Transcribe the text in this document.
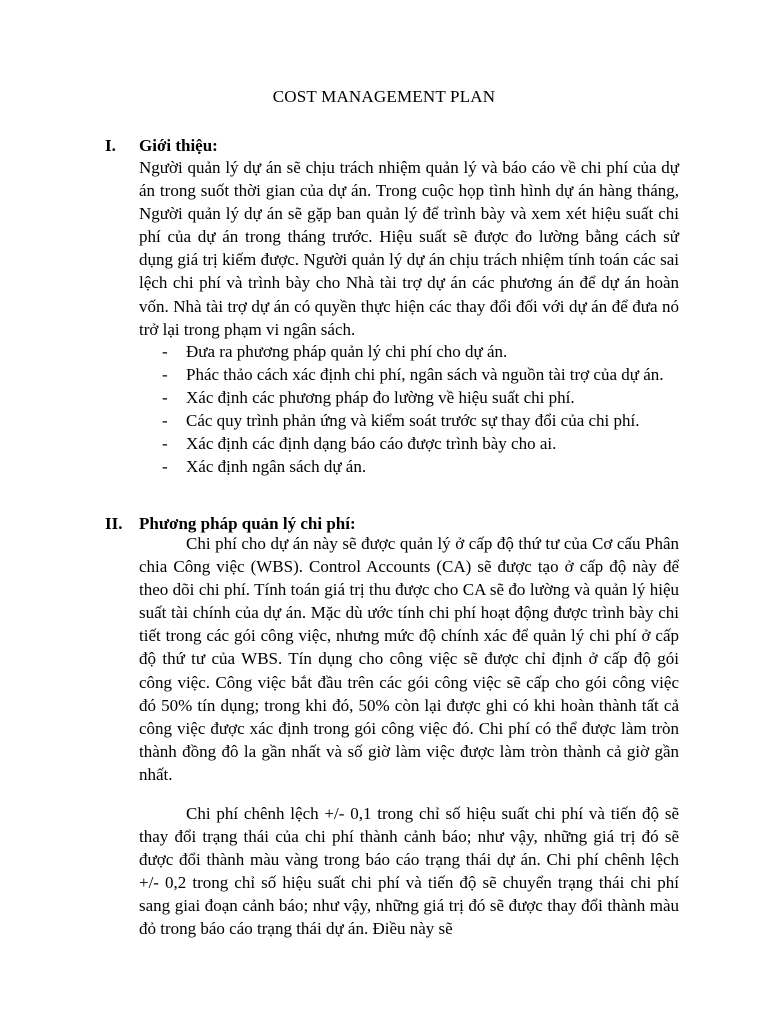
COST MANAGEMENT PLAN
I. Giới thiệu:
Người quản lý dự án sẽ chịu trách nhiệm quản lý và báo cáo về chi phí của dự án trong suốt thời gian của dự án. Trong cuộc họp tình hình dự án hàng tháng, Người quản lý dự án sẽ gặp ban quản lý để trình bày và xem xét hiệu suất chi phí của dự án trong tháng trước. Hiệu suất sẽ được đo lường bằng cách sử dụng giá trị kiếm được. Người quản lý dự án chịu trách nhiệm tính toán các sai lệch chi phí và trình bày cho Nhà tài trợ dự án các phương án để dự án hoàn vốn. Nhà tài trợ dự án có quyền thực hiện các thay đổi đối với dự án để đưa nó trở lại trong phạm vi ngân sách.
- Đưa ra phương pháp quản lý chi phí cho dự án.
- Phác thảo cách xác định chi phí, ngân sách và nguồn tài trợ của dự án.
- Xác định các phương pháp đo lường về hiệu suất chi phí.
- Các quy trình phản ứng và kiểm soát trước sự thay đổi của chi phí.
- Xác định các định dạng báo cáo được trình bày cho ai.
- Xác định ngân sách dự án.
II. Phương pháp quản lý chi phí:
Chi phí cho dự án này sẽ được quản lý ở cấp độ thứ tư của Cơ cấu Phân chia Công việc (WBS). Control Accounts (CA) sẽ được tạo ở cấp độ này để theo dõi chi phí. Tính toán giá trị thu được cho CA sẽ đo lường và quản lý hiệu suất tài chính của dự án. Mặc dù ước tính chi phí hoạt động được trình bày chi tiết trong các gói công việc, nhưng mức độ chính xác để quản lý chi phí ở cấp độ thứ tư của WBS. Tín dụng cho công việc sẽ được chỉ định ở cấp độ gói công việc. Công việc bắt đầu trên các gói công việc sẽ cấp cho gói công việc đó 50% tín dụng; trong khi đó, 50% còn lại được ghi có khi hoàn thành tất cả công việc được xác định trong gói công việc đó. Chi phí có thể được làm tròn thành đồng đô la gần nhất và số giờ làm việc được làm tròn thành cả giờ gần nhất.
Chi phí chênh lệch +/- 0,1 trong chỉ số hiệu suất chi phí và tiến độ sẽ thay đổi trạng thái của chi phí thành cảnh báo; như vậy, những giá trị đó sẽ được đổi thành màu vàng trong báo cáo trạng thái dự án. Chi phí chênh lệch +/- 0,2 trong chỉ số hiệu suất chi phí và tiến độ sẽ chuyển trạng thái chi phí sang giai đoạn cảnh báo; như vậy, những giá trị đó sẽ được thay đổi thành màu đỏ trong báo cáo trạng thái dự án. Điều này sẽ
